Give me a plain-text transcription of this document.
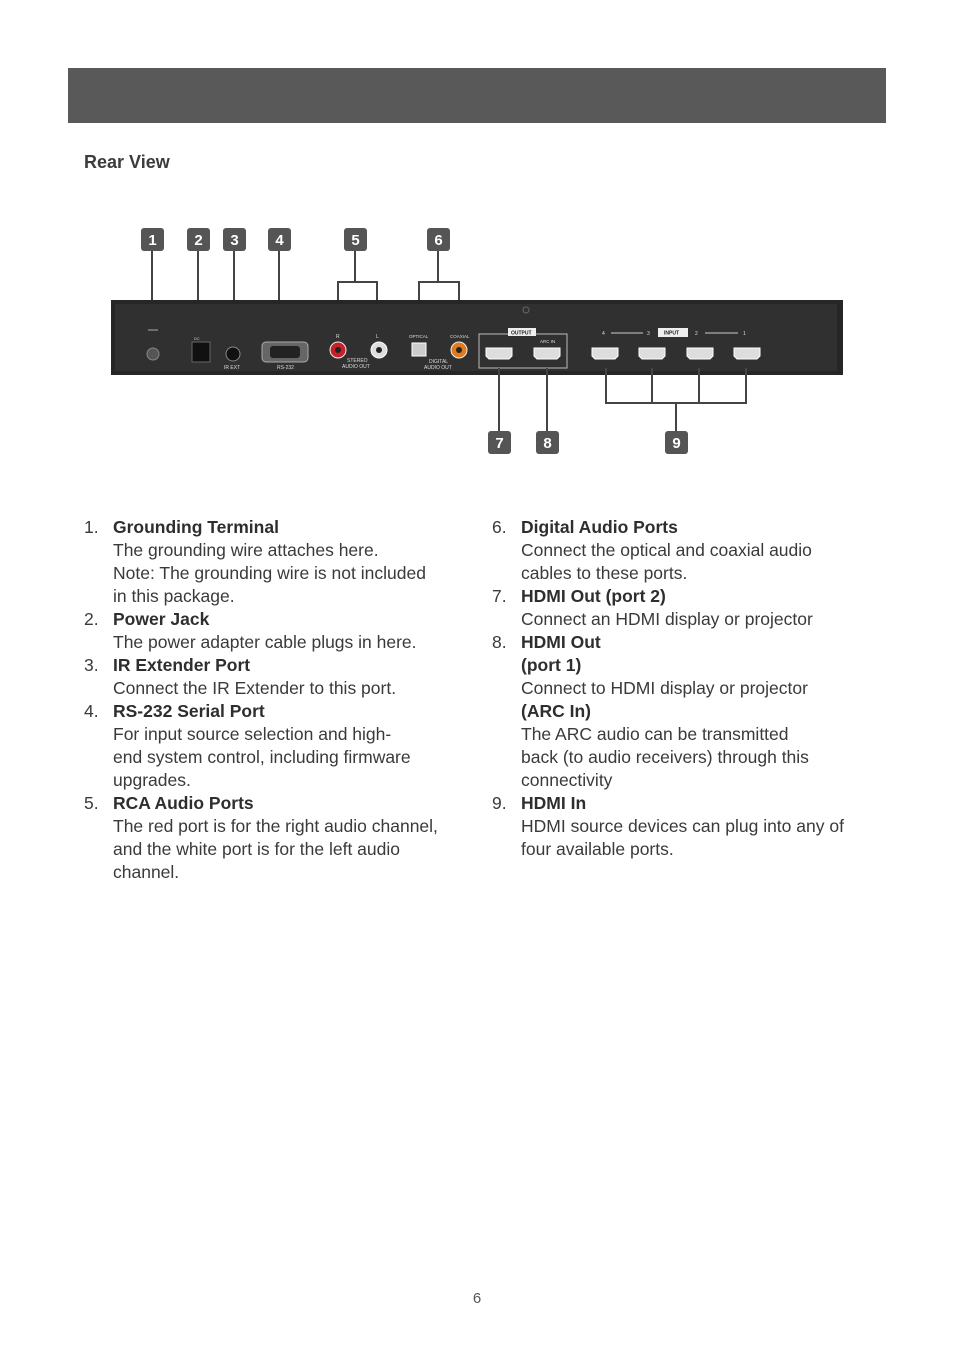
Rear View
DC
IR EXT	RS-232
R	L
STEREO
AUDIO OUT
OPTICAL	COAXIAL
DIGITAL
AUDIO OUT
OUTPUT
ARC IN
4	3	INPUT	2	1
1	2 3 4	5	6
7	8	9
1. Grounding Terminal
The grounding wire attaches here.
Note: The grounding wire is not included
in this package.
2. Power Jack
The power adapter cable plugs in here.
3. IR Extender Port
Connect the IR Extender to this port.
4. RS-232 Serial Port
For input source selection and high-
end system control, including firmware
upgrades.
5. RCA Audio Ports
The red port is for the right audio channel,
and the white port is for the left audio
channel.
6. Digital Audio Ports
Connect the optical and coaxial audio
cables to these ports.
7. HDMI Out (port 2)
Connect an HDMI display or projector
8. HDMI Out
(port 1)
Connect to HDMI display or projector
(ARC In)
The ARC audio can be transmitted
back (to audio receivers) through this
connectivity
9. HDMI In
HDMI source devices can plug into any of
four available ports.
6
